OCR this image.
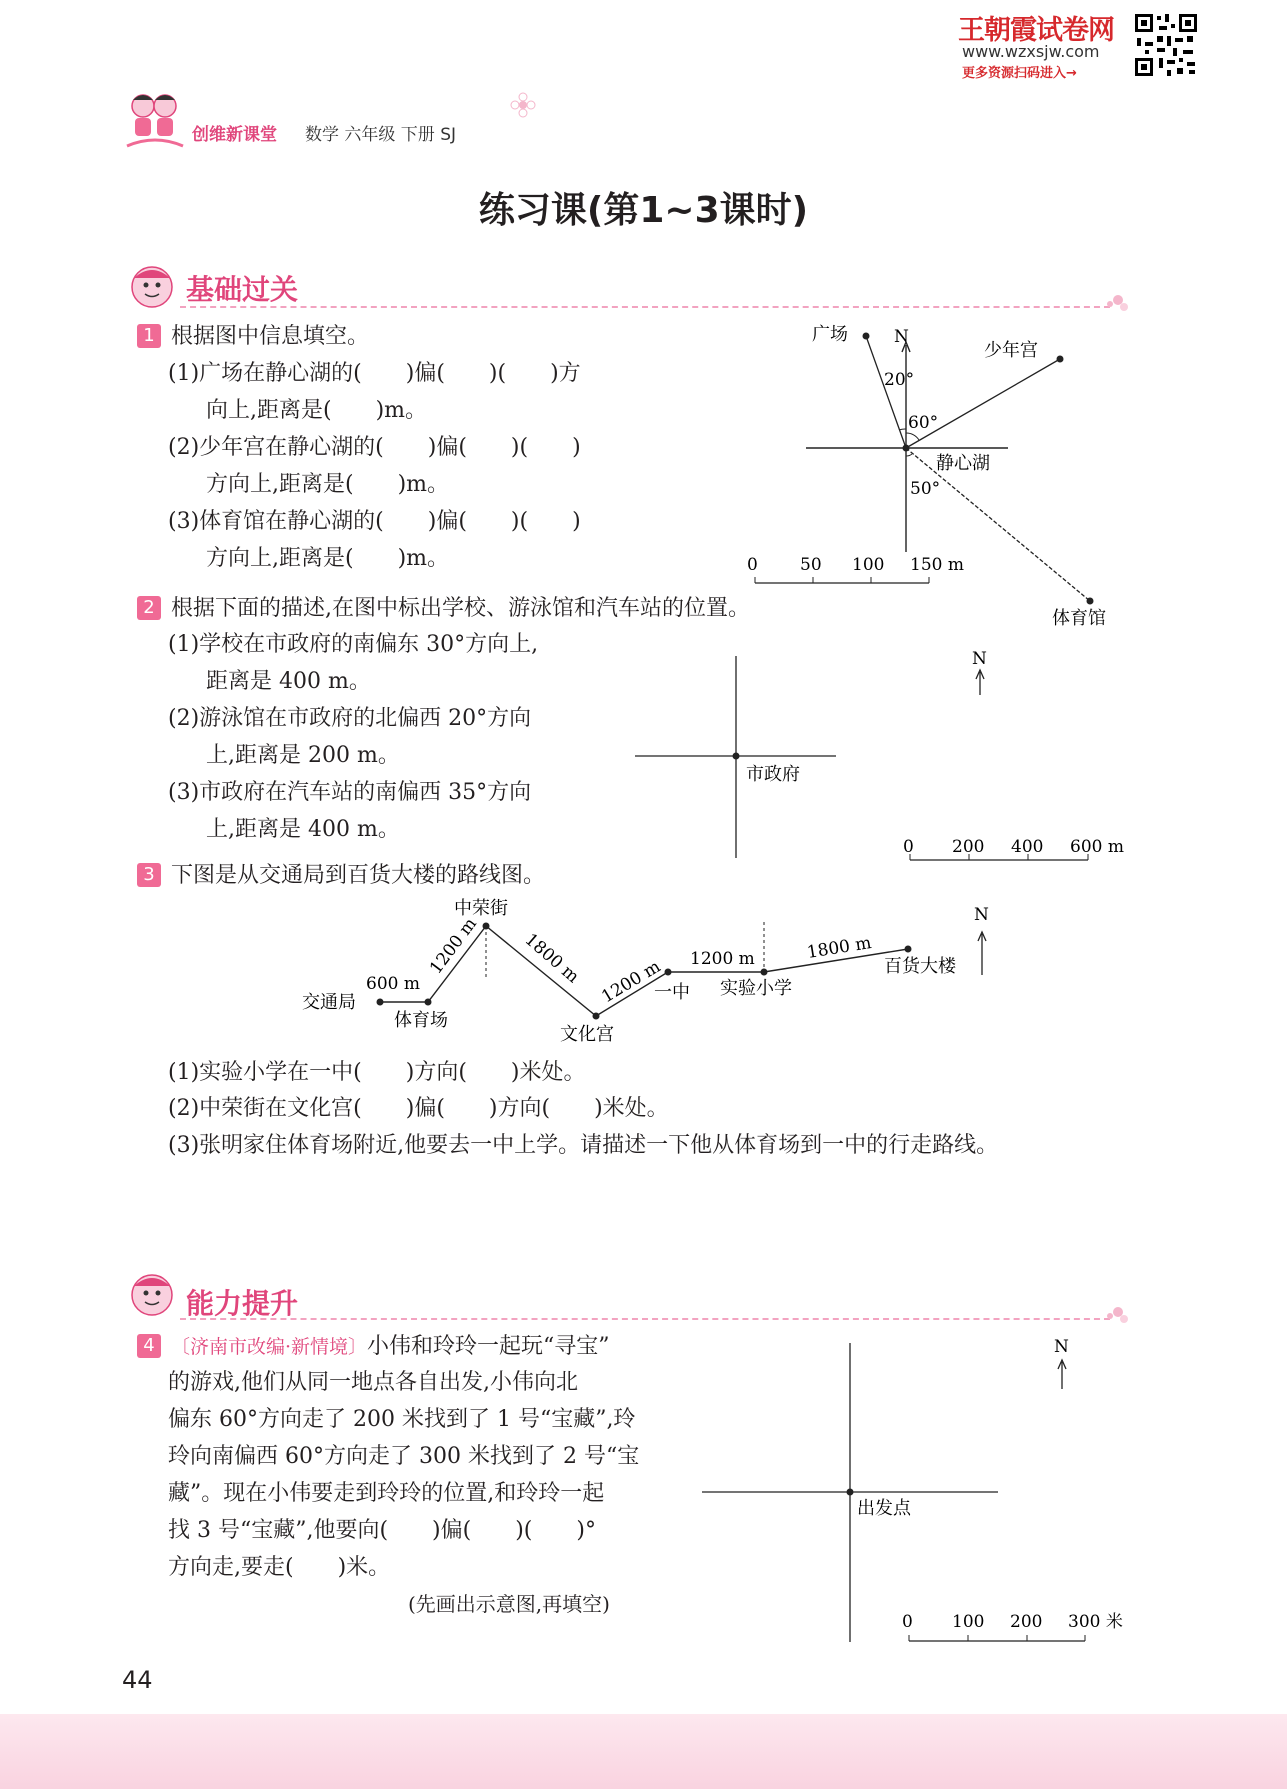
王朝霞试卷网
www.wzxsjw.com
更多资源扫码进入→
创维新课堂 数学 六年级 下册 SJ
练习课(第1~3课时)
基础过关
1 根据图中信息填空。
(1)广场在静心湖的(　　)偏(　　)(　　)方
向上,距离是(　　)m。
(2)少年宫在静心湖的(　　)偏(　　)(　　)
方向上,距离是(　　)m。
(3)体育馆在静心湖的(　　)偏(　　)(　　)
方向上,距离是(　　)m。
N
广场
少年宫
体育馆
20°
60°
50°
静心湖
0 50 100 150 m
2 根据下面的描述,在图中标出学校、游泳馆和汽车站的位置。
(1)学校在市政府的南偏东 30°方向上,
距离是 400 m。
(2)游泳馆在市政府的北偏西 20°方向
上,距离是 200 m。
(3)市政府在汽车站的南偏西 35°方向
上,距离是 400 m。
市政府
N
0 200 400 600 m
3 下图是从交通局到百货大楼的路线图。
交通局
体育场
中荣街
文化宫
一中 实验小学
百货大楼
600 m
1200 m 1800 m 1200 m 1200 m	1800 m
N
(1)实验小学在一中(　　)方向(　　)米处。
(2)中荣街在文化宫(　　)偏(　　)方向(　　)米处。
(3)张明家住体育场附近,他要去一中上学。请描述一下他从体育场到一中的行走路线。
能力提升
4 〔济南市改编·新情境〕小伟和玲玲一起玩“寻宝”
的游戏,他们从同一地点各自出发,小伟向北
偏东 60°方向走了 200 米找到了 1 号“宝藏”,玲
玲向南偏西 60°方向走了 300 米找到了 2 号“宝
藏”。现在小伟要走到玲玲的位置,和玲玲一起
找 3 号“宝藏”,他要向(　　)偏(　　)(　　)°
方向走,要走(　　)米。
(先画出示意图,再填空)
出发点
N
0 100 200 300 米
44
